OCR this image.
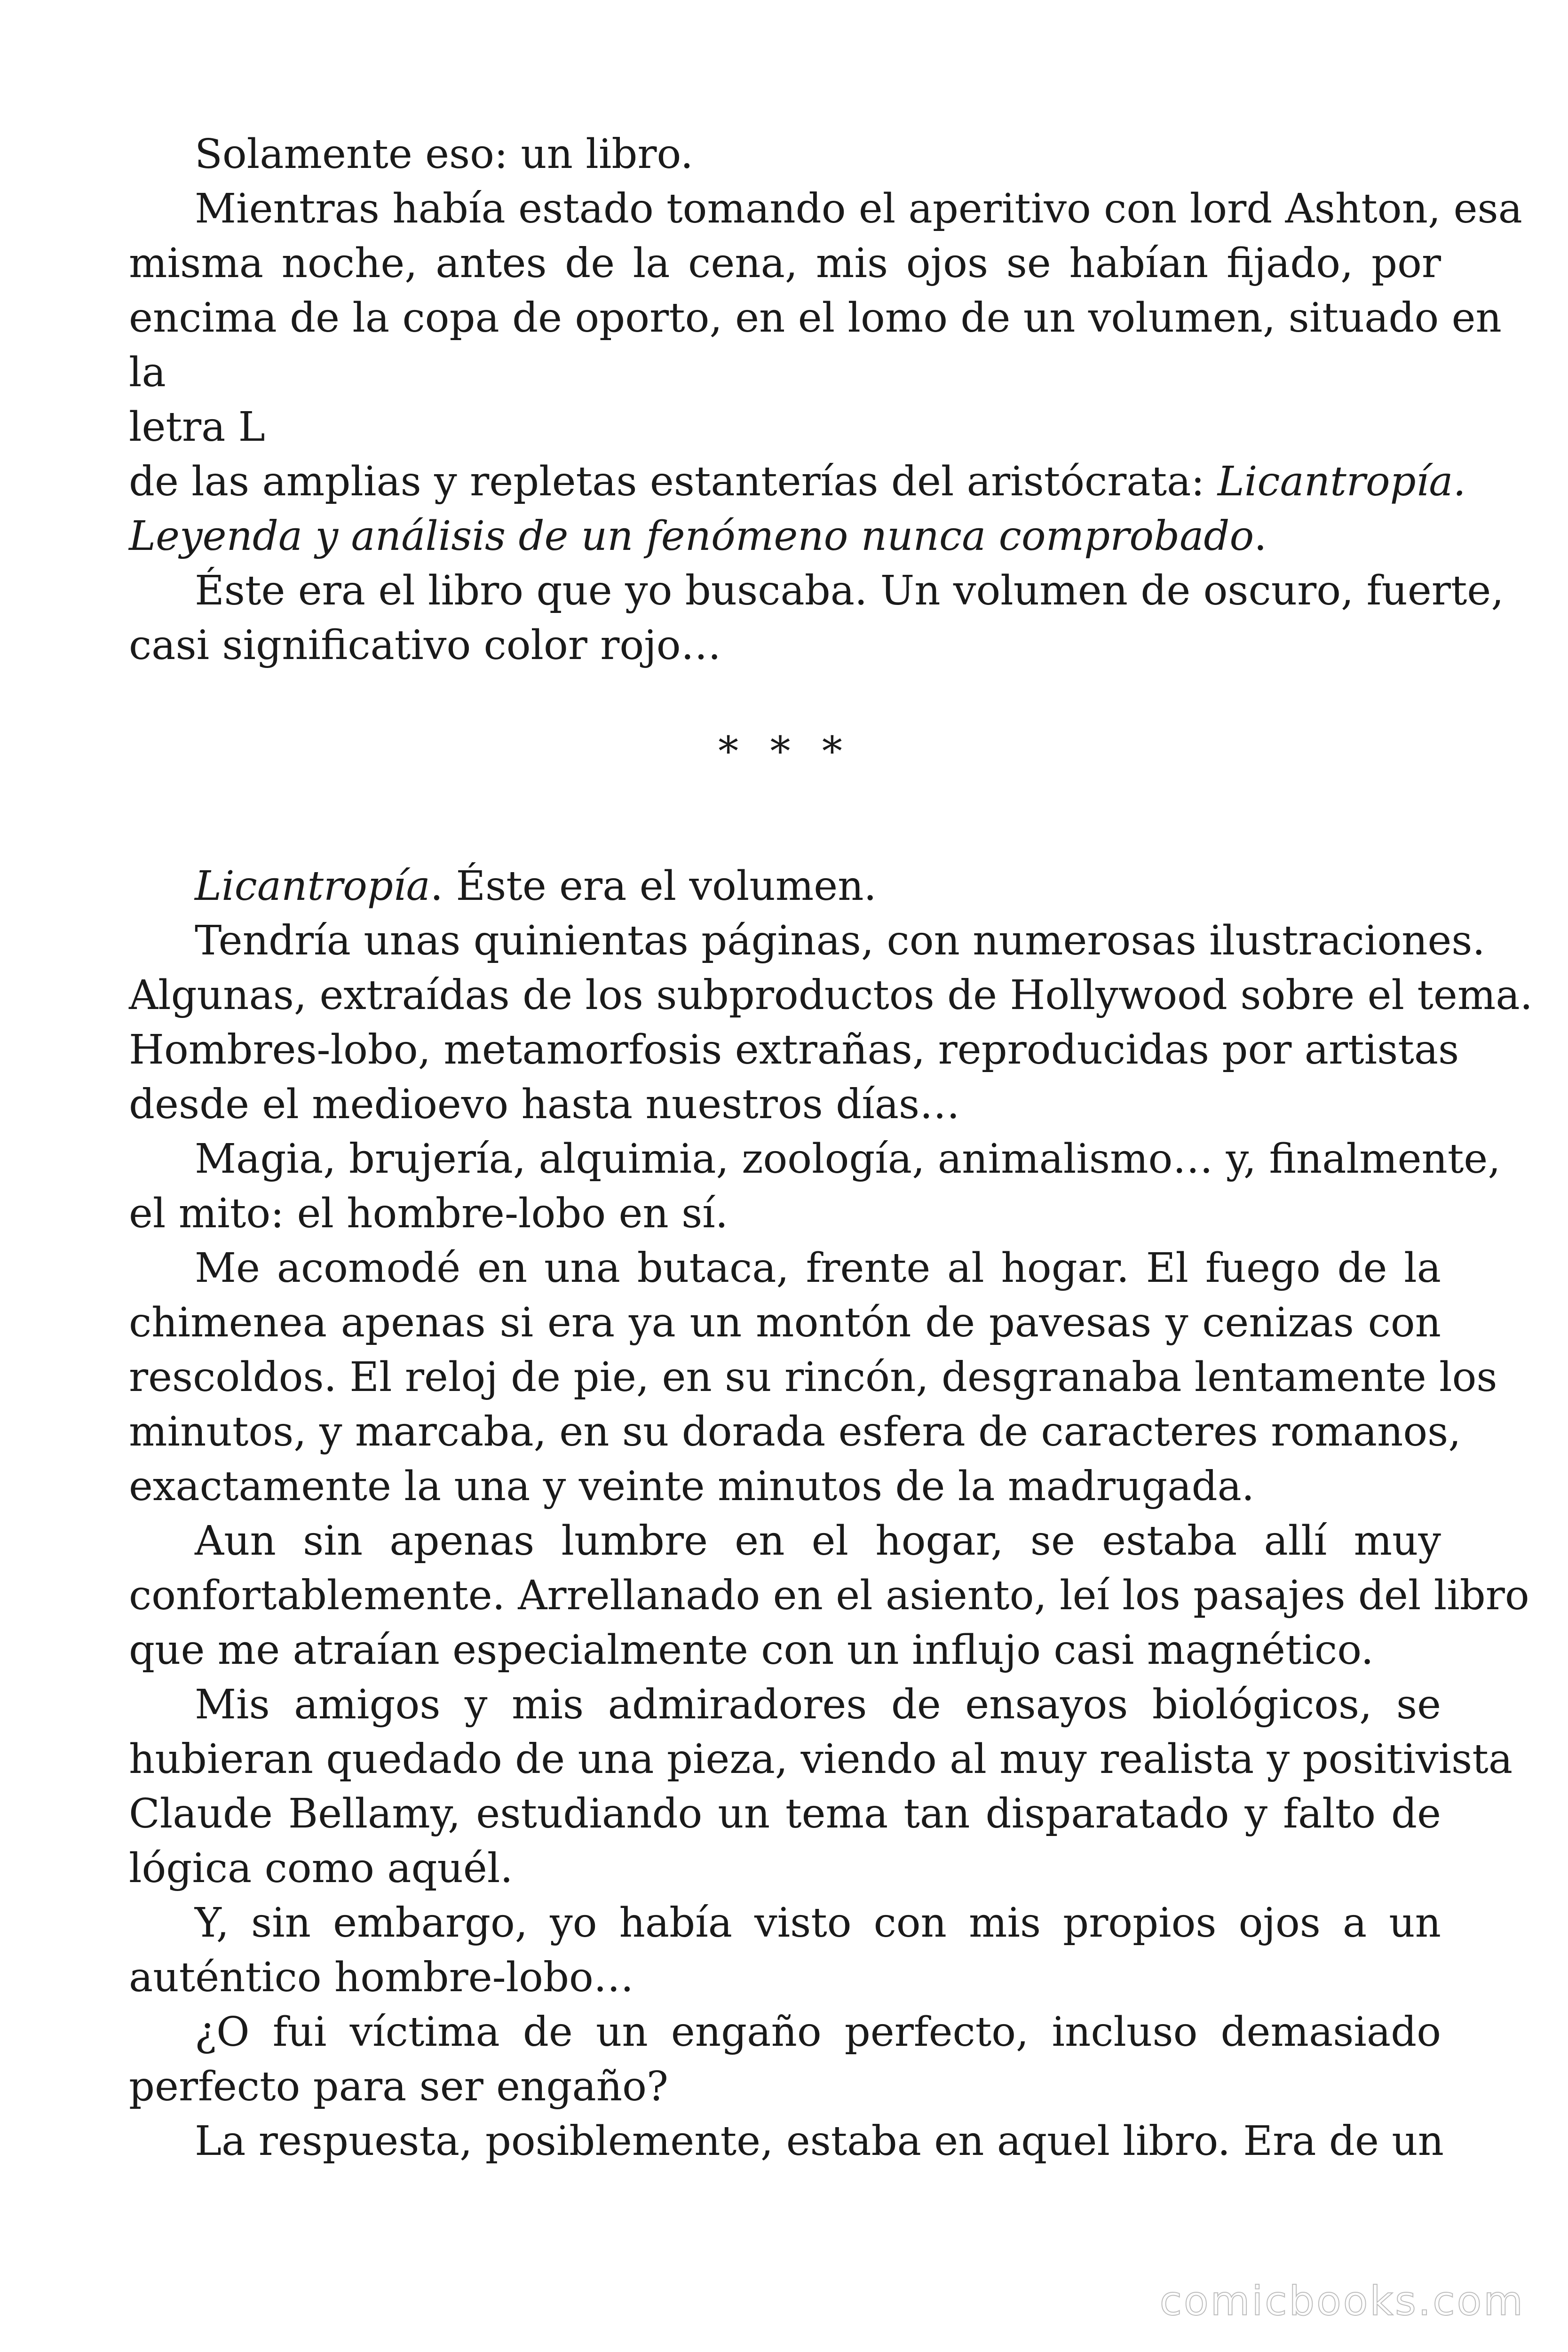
Solamente eso: un libro.

Mientras había estado tomando el aperitivo con lord Ashton, esa

misma noche, antes de la cena, mis ojos se habían fijado, por

encima de la copa de oporto, en el lomo de un volumen, situado en

la

letra L

de las amplias y repletas estanterías del aristócrata: Licantropía.

Leyenda y análisis de un fenómeno nunca comprobado.

Éste era el libro que yo buscaba. Un volumen de oscuro, fuerte,

casi significativo color rojo…

* * *

Licantropía. Éste era el volumen.

Tendría unas quinientas páginas, con numerosas ilustraciones.

Algunas, extraídas de los subproductos de Hollywood sobre el tema.

Hombres-lobo, metamorfosis extrañas, reproducidas por artistas

desde el medioevo hasta nuestros días…

Magia, brujería, alquimia, zoología, animalismo… y, finalmente,

el mito: el hombre-lobo en sí.

Me acomodé en una butaca, frente al hogar. El fuego de la

chimenea apenas si era ya un montón de pavesas y cenizas con

rescoldos. El reloj de pie, en su rincón, desgranaba lentamente los

minutos, y marcaba, en su dorada esfera de caracteres romanos,

exactamente la una y veinte minutos de la madrugada.

Aun sin apenas lumbre en el hogar, se estaba allí muy

confortablemente. Arrellanado en el asiento, leí los pasajes del libro

que me atraían especialmente con un influjo casi magnético.

Mis amigos y mis admiradores de ensayos biológicos, se

hubieran quedado de una pieza, viendo al muy realista y positivista

Claude Bellamy, estudiando un tema tan disparatado y falto de

lógica como aquél.

Y, sin embargo, yo había visto con mis propios ojos a un

auténtico hombre-lobo…

¿O fui víctima de un engaño perfecto, incluso demasiado

perfecto para ser engaño?

La respuesta, posiblemente, estaba en aquel libro. Era de un

comicbooks.com
